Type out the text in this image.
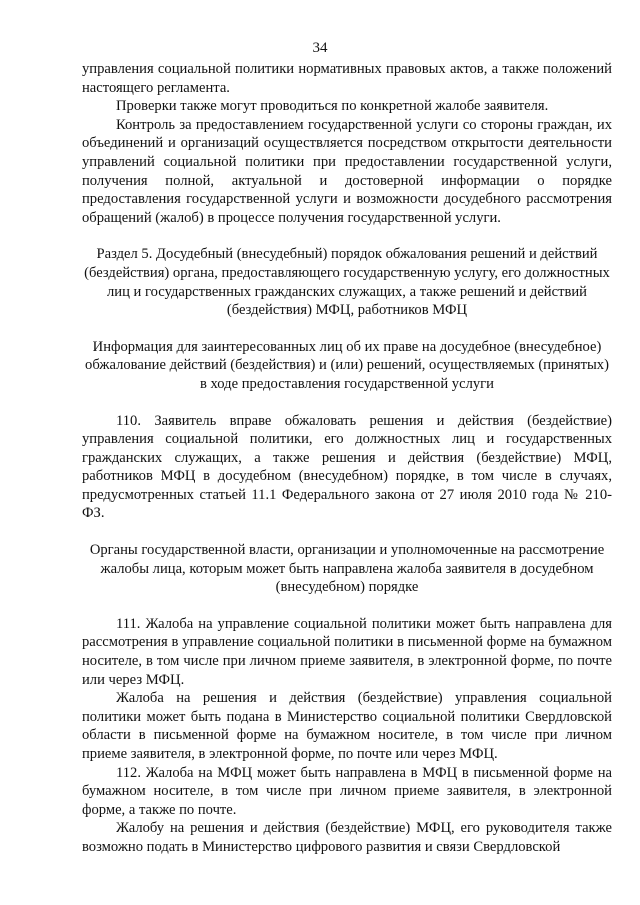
34

управления социальной политики нормативных правовых актов, а также положений настоящего регламента.

Проверки также могут проводиться по конкретной жалобе заявителя.

Контроль за предоставлением государственной услуги со стороны граждан, их объединений и организаций осуществляется посредством открытости деятельности управлений социальной политики при предоставлении государственной услуги, получения полной, актуальной и достоверной информации о порядке предоставления государственной услуги и возможности досудебного рассмотрения обращений (жалоб) в процессе получения государственной услуги.

Раздел 5. Досудебный (внесудебный) порядок обжалования решений и действий (бездействия) органа, предоставляющего государственную услугу, его должностных лиц и государственных гражданских служащих, а также решений и действий (бездействия) МФЦ, работников МФЦ

Информация для заинтересованных лиц об их праве на досудебное (внесудебное) обжалование действий (бездействия) и (или) решений, осуществляемых (принятых) в ходе предоставления государственной услуги

110. Заявитель вправе обжаловать решения и действия (бездействие) управления социальной политики, его должностных лиц и государственных гражданских служащих, а также решения и действия (бездействие) МФЦ, работников МФЦ в досудебном (внесудебном) порядке, в том числе в случаях, предусмотренных статьей 11.1 Федерального закона от 27 июля 2010 года № 210-ФЗ.

Органы государственной власти, организации и уполномоченные на рассмотрение жалобы лица, которым может быть направлена жалоба заявителя в досудебном (внесудебном) порядке

111. Жалоба на управление социальной политики может быть направлена для рассмотрения в управление социальной политики в письменной форме на бумажном носителе, в том числе при личном приеме заявителя, в электронной форме, по почте или через МФЦ.

Жалоба на решения и действия (бездействие) управления социальной политики может быть подана в Министерство социальной политики Свердловской области в письменной форме на бумажном носителе, в том числе при личном приеме заявителя, в электронной форме, по почте или через МФЦ.

112. Жалоба на МФЦ может быть направлена в МФЦ в письменной форме на бумажном носителе, в том числе при личном приеме заявителя, в электронной форме, а также по почте.

Жалобу на решения и действия (бездействие) МФЦ, его руководителя также возможно подать в Министерство цифрового развития и связи Свердловской
